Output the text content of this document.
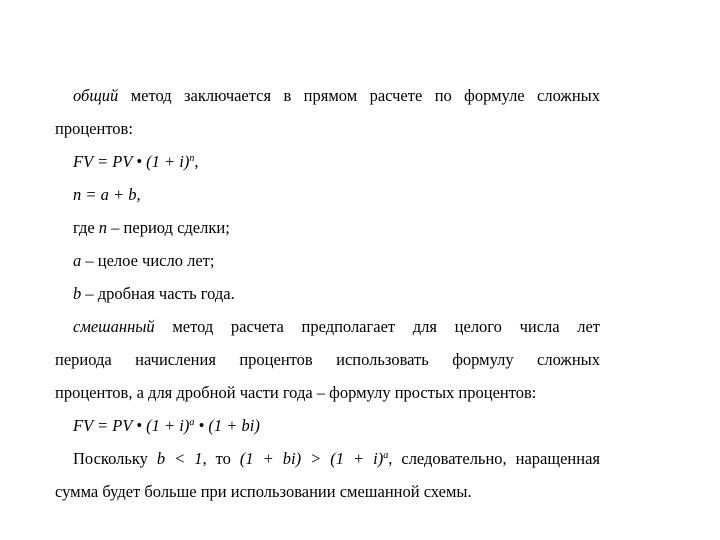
общий метод заключается в прямом расчете по формуле сложных
процентов:
FV = PV • $(1 + i)^n$,
n = a + b,
где n – период сделки;
a – целое число лет;
b – дробная часть года.
смешанный метод расчета предполагает для целого числа лет
периода начисления процентов использовать формулу сложных
процентов, а для дробной части года – формулу простых процентов:
FV = PV • $(1 + i)^a$ • (1 + bi)
Поскольку b < 1, то $(1 + bi) > (1 + i)^a$, следовательно, наращенная
сумма будет больше при использовании смешанной схемы.
